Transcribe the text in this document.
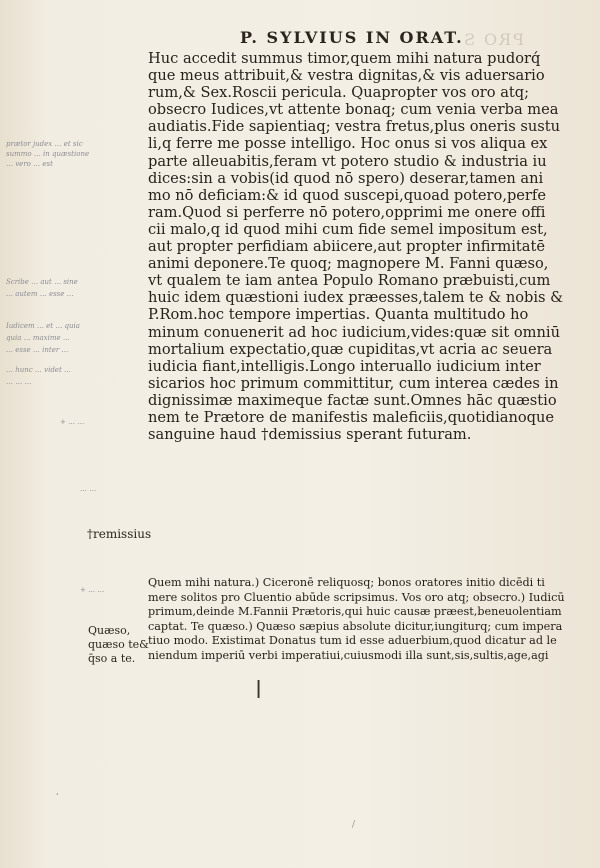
P. SYLVIUS IN ORAT.
PRO S
Huc accedit summus timor,quem mihi natura pudorq́
que meus attribuit,& vestra dignitas,& vis aduersario
rum,& Sex.Roscii pericula. Quapropter vos oro atq;
obsecro Iudices,vt attente bonaq; cum venia verba mea
audiatis.Fide sapientiaq; vestra fretus,plus oneris sustu
li,q ferre me posse intelligo. Hoc onus si vos aliqua ex
parte alleuabitis,feram vt potero studio & industria iu
dices:sin a vobis(id quod nō spero) deserar,tamen ani
mo nō deficiam:& id quod suscepi,quoad potero,perfe
ram.Quod si perferre nō potero,opprimi me onere offi
cii malo,q id quod mihi cum fide semel impositum est,
aut propter perfidiam abiicere,aut propter infirmitatē
animi deponere.Te quoq; magnopere M. Fanni quæso,
vt qualem te iam antea Populo Romano præbuisti,cum
huic idem quæstioni iudex præesses,talem te & nobis &
P.Rom.hoc tempore impertias. Quanta multitudo ho
minum conuenerit ad hoc iudicium,vides:quæ sit omniū
mortalium expectatio,quæ cupiditas,vt acria ac seuera
iudicia fiant,intelligis.Longo interuallo iudicium inter
sicarios hoc primum committitur, cum interea cædes in
dignissimæ maximeque factæ sunt.Omnes hāc quæstio
nem te Prætore de manifestis maleficiis,quotidianoque
sanguine haud †demissius sperant futuram.
†remissius
Quæso,
quæso te&
q̄so a te.
Quem mihi natura.) Ciceronē reliquosq; bonos oratores initio dicēdi ti
mere solitos pro Cluentio abūde scripsimus. Vos oro atq; obsecro.) Iudicū
primum,deinde M.Fannii Prætoris,qui huic causæ præest,beneuolentiam
captat. Te quæso.) Quæso sæpius absolute dicitur,iungiturq; cum impera
tiuo modo. Existimat Donatus tum id esse aduerbium,quod dicatur ad le
niendum imperiū verbi imperatiui,cuiusmodi illa sunt,sis,sultis,age,agi
prætor judex … et sic
summo … in quæstione
… vero … est
Scribe … aut … sine
… autem … esse …
Iudicem … et … quia
quia … maxime …
… esse … inter …
… hunc … videt …
… … …
+ … …
… …
+ … …
ǀ
·
/
